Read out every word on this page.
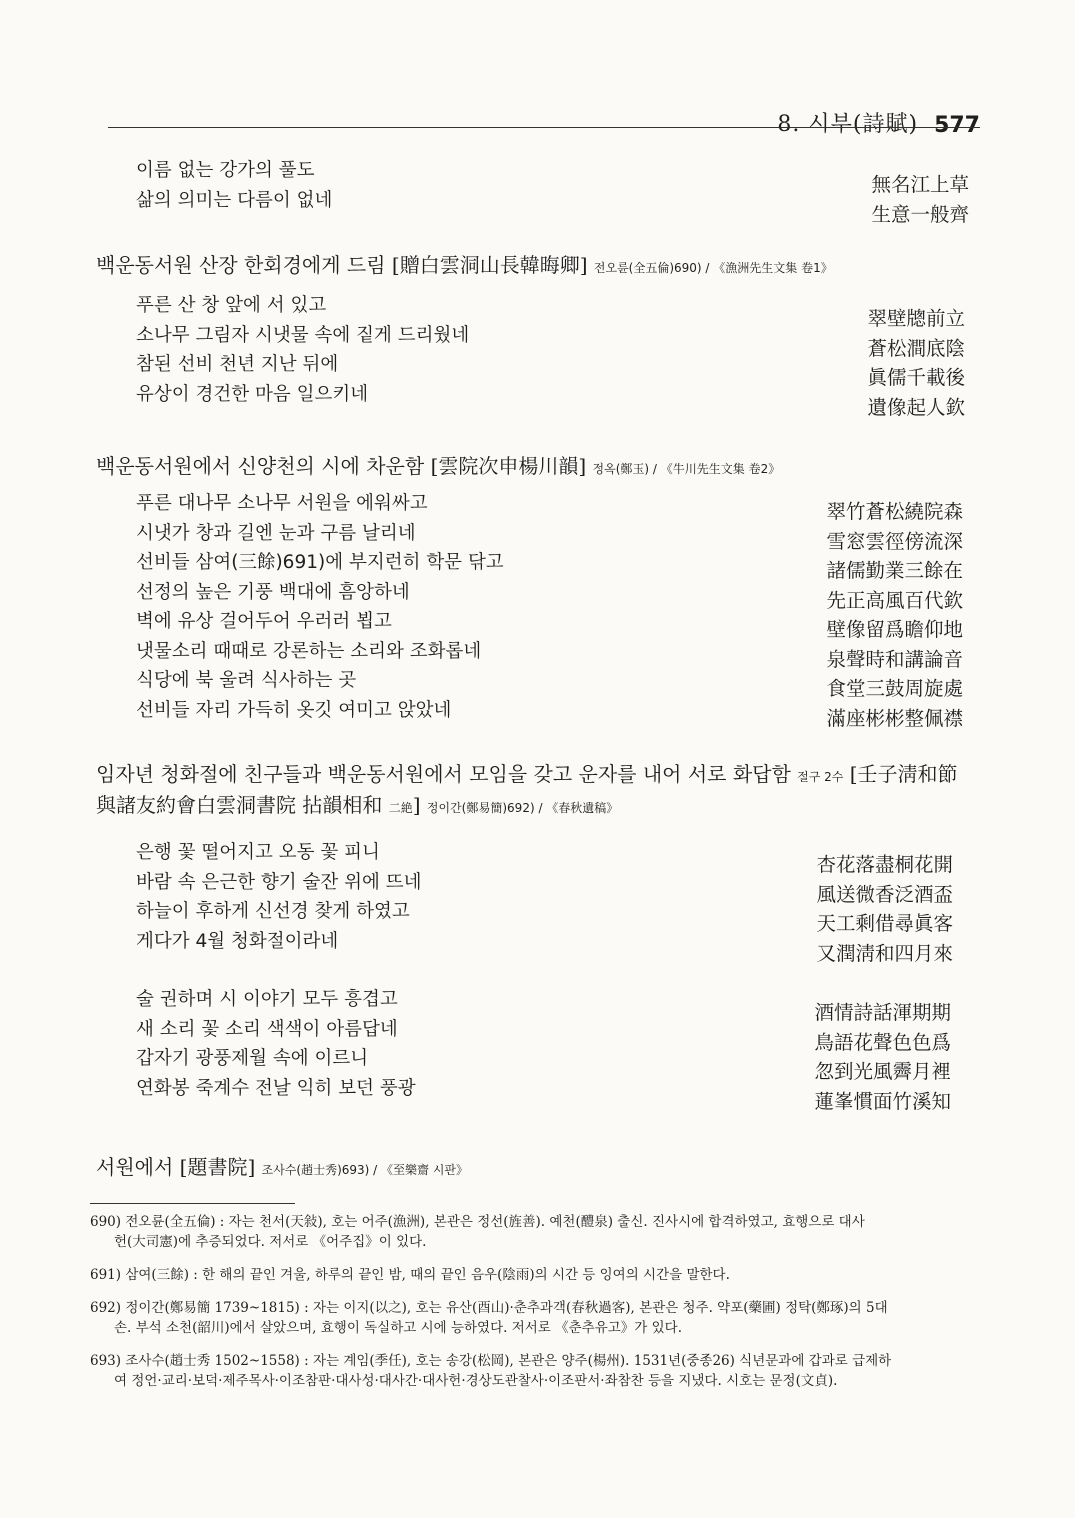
8. 시부(詩賦) 577
이름 없는 강가의 풀도
삶의 의미는 다름이 없네
無名江上草
生意一般齊
백운동서원 산장 한회경에게 드림 [贈白雲洞山長韓晦卿] 전오륜(全五倫)690) / 《漁洲先生文集 卷1》
푸른 산 창 앞에 서 있고
소나무 그림자 시냇물 속에 짙게 드리웠네
참된 선비 천년 지난 뒤에
유상이 경건한 마음 일으키네
翠壁牕前立
蒼松澗底陰
眞儒千載後
遺像起人欽
백운동서원에서 신양천의 시에 차운함 [雲院次申楊川韻] 정옥(鄭玉) / 《牛川先生文集 卷2》
푸른 대나무 소나무 서원을 에워싸고
시냇가 창과 길엔 눈과 구름 날리네
선비들 삼여(三餘)691)에 부지런히 학문 닦고
선정의 높은 기풍 백대에 흠앙하네
벽에 유상 걸어두어 우러러 뵙고
냇물소리 때때로 강론하는 소리와 조화롭네
식당에 북 울려 식사하는 곳
선비들 자리 가득히 옷깃 여미고 앉았네
翠竹蒼松繞院森
雪窓雲徑傍流深
諸儒勤業三餘在
先正高風百代欽
壁像留爲瞻仰地
泉聲時和講論音
食堂三鼓周旋處
滿座彬彬整佩襟
임자년 청화절에 친구들과 백운동서원에서 모임을 갖고 운자를 내어 서로 화답함 절구 2수 [壬子淸和節 與諸友約會白雲洞書院 拈韻相和 二絶] 정이간(鄭易簡)692) / 《春秋遺稿》
은행 꽃 떨어지고 오동 꽃 피니
바람 속 은근한 향기 술잔 위에 뜨네
하늘이 후하게 신선경 찾게 하였고
게다가 4월 청화절이라네
杏花落盡桐花開
風送微香泛酒盃
天工剩借尋眞客
又潤淸和四月來
술 권하며 시 이야기 모두 흥겹고
새 소리 꽃 소리 색색이 아름답네
갑자기 광풍제월 속에 이르니
연화봉 죽계수 전날 익히 보던 풍광
酒情詩話渾期期
鳥語花聲色色爲
忽到光風霽月裡
蓮峯慣面竹溪知
서원에서 [題書院] 조사수(趙士秀)693) / 《至樂齋 시판》
690) 전오륜(全五倫) : 자는 천서(天敍), 호는 어주(漁洲), 본관은 정선(旌善). 예천(醴泉) 출신. 진사시에 합격하였고, 효행으로 대사
헌(大司憲)에 추증되었다. 저서로 《어주집》이 있다.
691) 삼여(三餘) : 한 해의 끝인 겨울, 하루의 끝인 밤, 때의 끝인 음우(陰雨)의 시간 등 잉여의 시간을 말한다.
692) 정이간(鄭易簡 1739~1815) : 자는 이지(以之), 호는 유산(酉山)·춘추과객(春秋過客), 본관은 청주. 약포(藥圃) 정탁(鄭琢)의 5대
손. 부석 소천(韶川)에서 살았으며, 효행이 독실하고 시에 능하였다. 저서로 《춘추유고》가 있다.
693) 조사수(趙士秀 1502~1558) : 자는 계임(季任), 호는 송강(松岡), 본관은 양주(楊州). 1531년(중종26) 식년문과에 갑과로 급제하
여 정언·교리·보덕·제주목사·이조참판·대사성·대사간·대사헌·경상도관찰사·이조판서·좌참찬 등을 지냈다. 시호는 문정(文貞).
